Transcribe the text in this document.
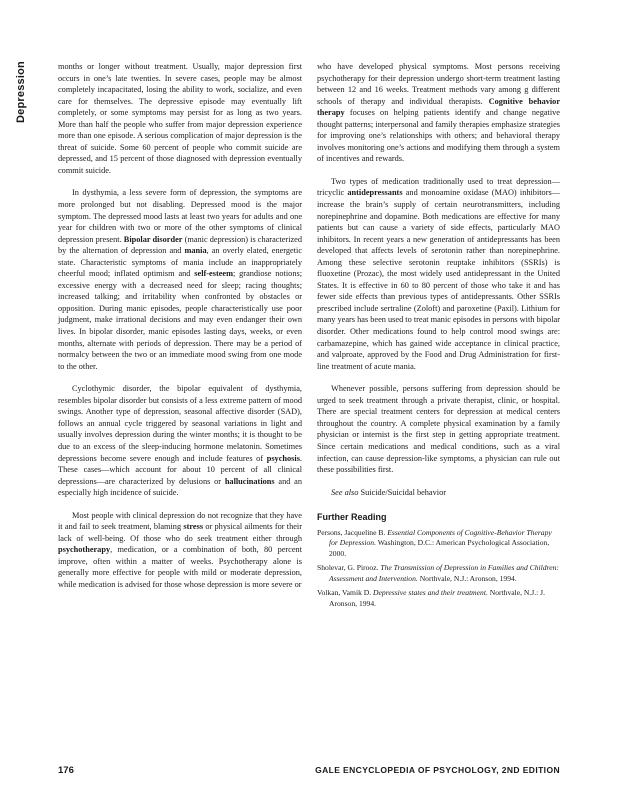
Depression	months or longer without treatment. Usually, major depression first occurs in one’s late twenties. In severe cases, people may be almost completely incapacitated, losing the ability to work, socialize, and even care for themselves. The depressive episode may eventually lift completely, or some symptoms may persist for as long as two years. More than half the people who suffer from major depression experience more than one episode. A serious complication of major depression is the threat of suicide. Some 60 percent of people who commit suicide are depressed, and 15 percent of those diagnosed with depression eventually commit suicide.

In dysthymia, a less severe form of depression, the symptoms are more prolonged but not disabling. Depressed mood is the major symptom. The depressed mood lasts at least two years for adults and one year for children with two or more of the other symptoms of clinical depression present. Bipolar disorder (manic depression) is characterized by the alternation of depression and mania, an overly elated, energetic state. Characteristic symptoms of mania include an inappropriately cheerful mood; inflated optimism and self-esteem; grandiose notions; excessive energy with a decreased need for sleep; racing thoughts; increased talking; and irritability when confronted by obstacles or opposition. During manic episodes, people characteristically use poor judgment, make irrational decisions and may even endanger their own lives. In bipolar disorder, manic episodes lasting days, weeks, or even months, alternate with periods of depression. There may be a period of normalcy between the two or an immediate mood swing from one mode to the other.

Cyclothymic disorder, the bipolar equivalent of dysthymia, resembles bipolar disorder but consists of a less extreme pattern of mood swings. Another type of depression, seasonal affective disorder (SAD), follows an annual cycle triggered by seasonal variations in light and usually involves depression during the winter months; it is thought to be due to an excess of the sleep-inducing hormone melatonin. Sometimes depressions become severe enough and include features of psychosis. These cases—which account for about 10 percent of all clinical depressions—are characterized by delusions or hallucinations and an especially high incidence of suicide.

Most people with clinical depression do not recognize that they have it and fail to seek treatment, blaming stress or physical ailments for their lack of well-being. Of those who do seek treatment either through psychotherapy, medication, or a combination of both, 80 percent improve, often within a matter of weeks. Psychotherapy alone is generally more effective for people with mild or moderate depression, while medication is advised for those whose depression is more severe or

who have developed physical symptoms. Most persons receiving psychotherapy for their depression undergo short-term treatment lasting between 12 and 16 weeks. Treatment methods vary among g different schools of therapy and individual therapists. Cognitive behavior therapy focuses on helping patients identify and change negative thought patterns; interpersonal and family therapies emphasize strategies for improving one’s relationships with others; and behavioral therapy involves monitoring one’s actions and modifying them through a system of incentives and rewards.

Two types of medication traditionally used to treat depression—tricyclic antidepressants and monoamine oxidase (MAO) inhibitors—increase the brain’s supply of certain neurotransmitters, including norepinephrine and dopamine. Both medications are effective for many patients but can cause a variety of side effects, particularly MAO inhibitors. In recent years a new generation of antidepressants has been developed that affects levels of serotonin rather than norepinephrine. Among these selective serotonin reuptake inhibitors (SSRIs) is fluoxetine (Prozac), the most widely used antidepressant in the United States. It is effective in 60 to 80 percent of those who take it and has fewer side effects than previous types of antidepressants. Other SSRIs prescribed include sertraline (Zoloft) and paroxetine (Paxil). Lithium for many years has been used to treat manic episodes in persons with bipolar disorder. Other medications found to help control mood swings are: carbamazepine, which has gained wide acceptance in clinical practice, and valproate, approved by the Food and Drug Administration for first-line treatment of acute mania.

Whenever possible, persons suffering from depression should be urged to seek treatment through a private therapist, clinic, or hospital. There are special treatment centers for depression at medical centers throughout the country. A complete physical examination by a family physician or internist is the first step in getting appropriate treatment. Since certain medications and medical conditions, such as a viral infection, can cause depression-like symptoms, a physician can rule out these possibilities first.

See also Suicide/Suicidal behavior

Further Reading

Persons, Jacqueline B. Essential Components of Cognitive-Behavior Therapy for Depression. Washington, D.C.: American Psychological Association, 2000.

Sholevar, G. Pirooz. The Transmission of Depression in Families and Children: Assessment and Intervention. Northvale, N.J.: Aronson, 1994.

Volkan, Vamik D. Depressive states and their treatment. Northvale, N.J.: J. Aronson, 1994.

176	GALE ENCYCLOPEDIA OF PSYCHOLOGY, 2ND EDITION
